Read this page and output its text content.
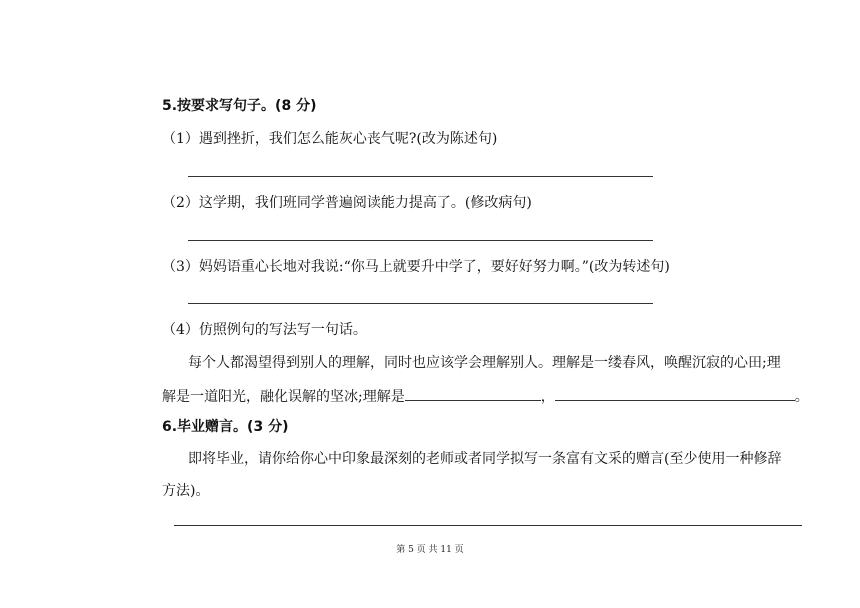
5.按要求写句子。(8 分)
（1）遇到挫折，我们怎么能灰心丧气呢?(改为陈述句)
（2）这学期，我们班同学普遍阅读能力提高了。(修改病句)
（3）妈妈语重心长地对我说:“你马上就要升中学了，要好好努力啊。”(改为转述句)
（4）仿照例句的写法写一句话。
每个人都渴望得到别人的理解，同时也应该学会理解别人。理解是一缕春风，唤醒沉寂的心田;理
解是一道阳光，融化误解的坚冰;理解是	，	。
6.毕业赠言。(3 分)
即将毕业，请你给你心中印象最深刻的老师或者同学拟写一条富有文采的赠言(至少使用一种修辞
方法)。
第 5 页 共 11 页
